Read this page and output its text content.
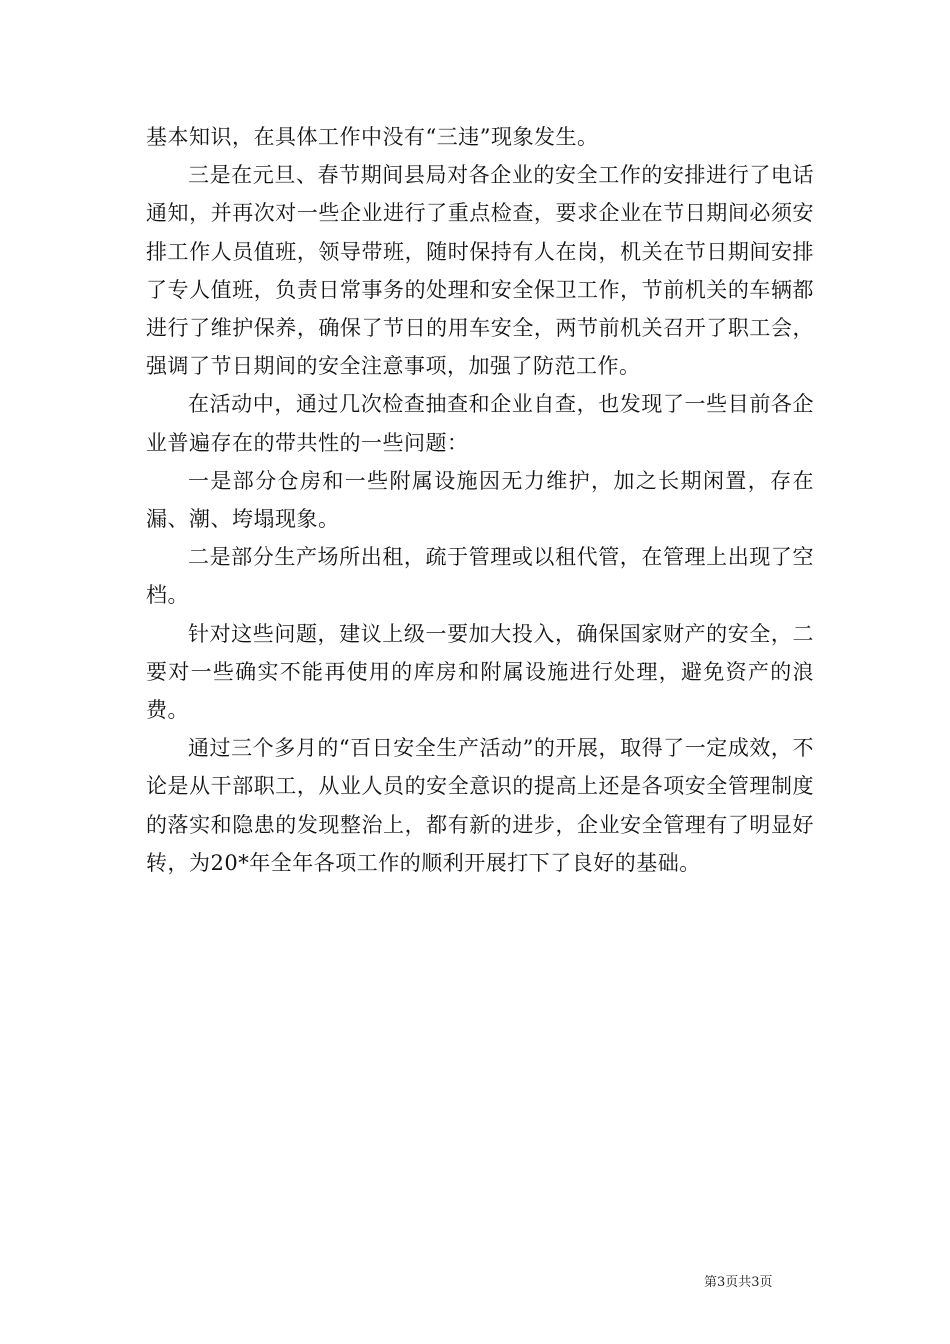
基本知识，在具体工作中没有“三违”现象发生。

三是在元旦、春节期间县局对各企业的安全工作的安排进行了电话通知，并再次对一些企业进行了重点检查，要求企业在节日期间必须安排工作人员值班，领导带班，随时保持有人在岗，机关在节日期间安排了专人值班，负责日常事务的处理和安全保卫工作，节前机关的车辆都进行了维护保养，确保了节日的用车安全，两节前机关召开了职工会，强调了节日期间的安全注意事项，加强了防范工作。

在活动中，通过几次检查抽查和企业自查，也发现了一些目前各企业普遍存在的带共性的一些问题：

一是部分仓房和一些附属设施因无力维护，加之长期闲置，存在漏、潮、垮塌现象。

二是部分生产场所出租，疏于管理或以租代管，在管理上出现了空档。

针对这些问题，建议上级一要加大投入，确保国家财产的安全，二要对一些确实不能再使用的库房和附属设施进行处理，避免资产的浪费。

通过三个多月的“百日安全生产活动”的开展，取得了一定成效，不论是从干部职工，从业人员的安全意识的提高上还是各项安全管理制度的落实和隐患的发现整治上，都有新的进步，企业安全管理有了明显好转，为20*年全年各项工作的顺利开展打下了良好的基础。

第3页共3页
